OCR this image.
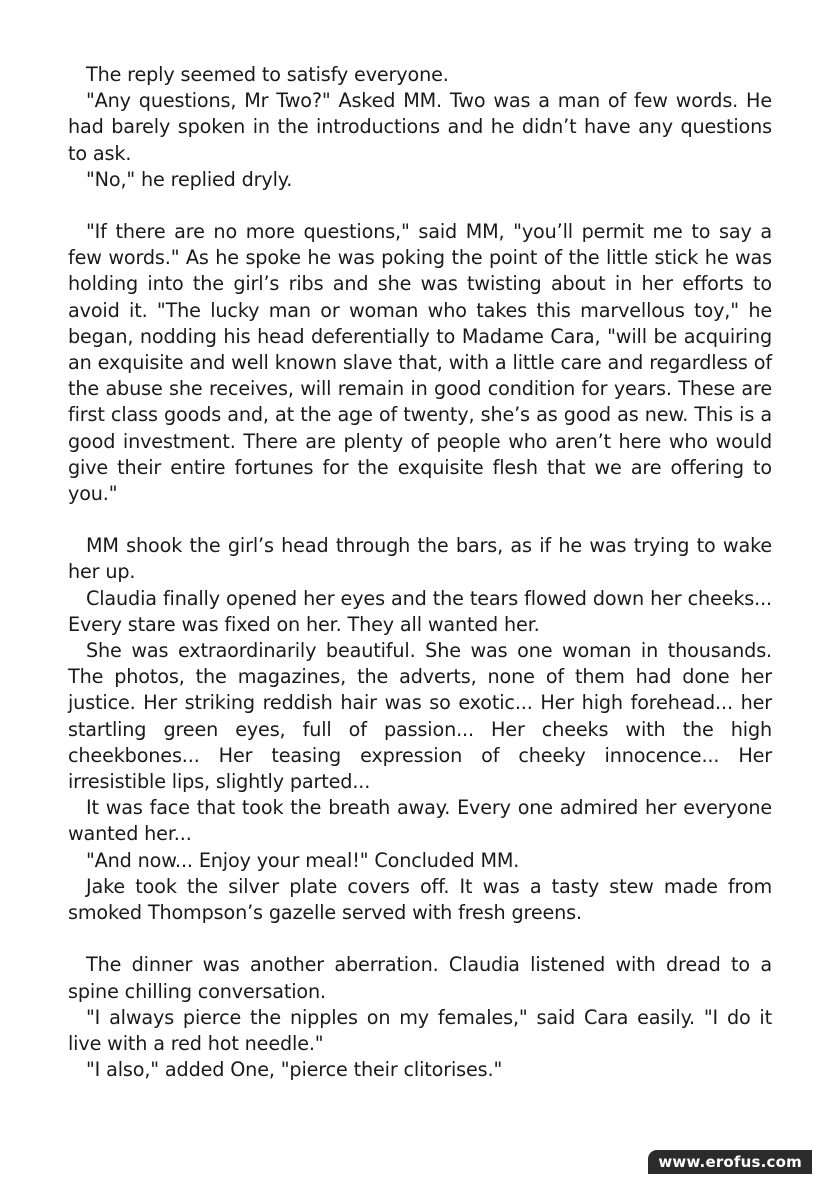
The reply seemed to satisfy everyone.

"Any questions, Mr Two?" Asked MM. Two was a man of few words. He had barely spoken in the introductions and he didn’t have any questions to ask.

"No," he replied dryly.

"If there are no more questions," said MM, "you’ll permit me to say a few words." As he spoke he was poking the point of the little stick he was holding into the girl’s ribs and she was twisting about in her efforts to avoid it. "The lucky man or woman who takes this marvellous toy," he began, nodding his head deferentially to Madame Cara, "will be acquiring an exquisite and well known slave that, with a little care and regardless of the abuse she receives, will remain in good condition for years. These are first class goods and, at the age of twenty, she’s as good as new. This is a good investment. There are plenty of people who aren’t here who would give their entire fortunes for the exquisite flesh that we are offering to you."

MM shook the girl’s head through the bars, as if he was trying to wake her up.

Claudia finally opened her eyes and the tears flowed down her cheeks... Every stare was fixed on her. They all wanted her.

She was extraordinarily beautiful. She was one woman in thousands. The photos, the magazines, the adverts, none of them had done her justice. Her striking reddish hair was so exotic... Her high forehead... her startling green eyes, full of passion... Her cheeks with the high cheekbones... Her teasing expression of cheeky innocence... Her irresistible lips, slightly parted...

It was face that took the breath away. Every one admired her everyone wanted her...

"And now... Enjoy your meal!" Concluded MM.

Jake took the silver plate covers off. It was a tasty stew made from smoked Thompson’s gazelle served with fresh greens.

The dinner was another aberration. Claudia listened with dread to a spine chilling conversation.

"I always pierce the nipples on my females," said Cara easily. "I do it live with a red hot needle."

"I also," added One, "pierce their clitorises."

www.erofus.com
